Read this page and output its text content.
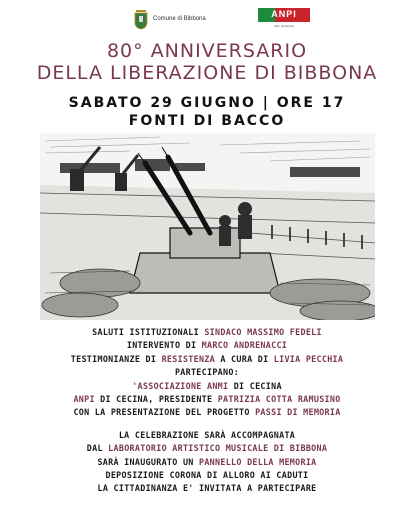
Comune di Bibbona	ANPI
Sez. di Cecina
80° ANNIVERSARIO
DELLA LIBERAZIONE DI BIBBONA
SABATO 29 GIUGNO | ORE 17
FONTI DI BACCO
SALUTI ISTITUZIONALI SINDACO MASSIMO FEDELI
INTERVENTO DI MARCO ANDRENACCI
TESTIMONIANZE DI RESISTENZA A CURA DI LIVIA PECCHIA
PARTECIPANO:
'ASSOCIAZIONE ANMI DI CECINA
ANPI DI CECINA, PRESIDENTE PATRIZIA COTTA RAMUSINO
CON LA PRESENTAZIONE DEL PROGETTO PASSI DI MEMORIA
LA CELEBRAZIONE SARÀ ACCOMPAGNATA
DAL LABORATORIO ARTISTICO MUSICALE DI BIBBONA
SARÀ INAUGURATO UN PANNELLO DELLA MEMORIA
DEPOSIZIONE CORONA DI ALLORO AI CADUTI
LA CITTADINANZA E' INVITATA A PARTECIPARE
